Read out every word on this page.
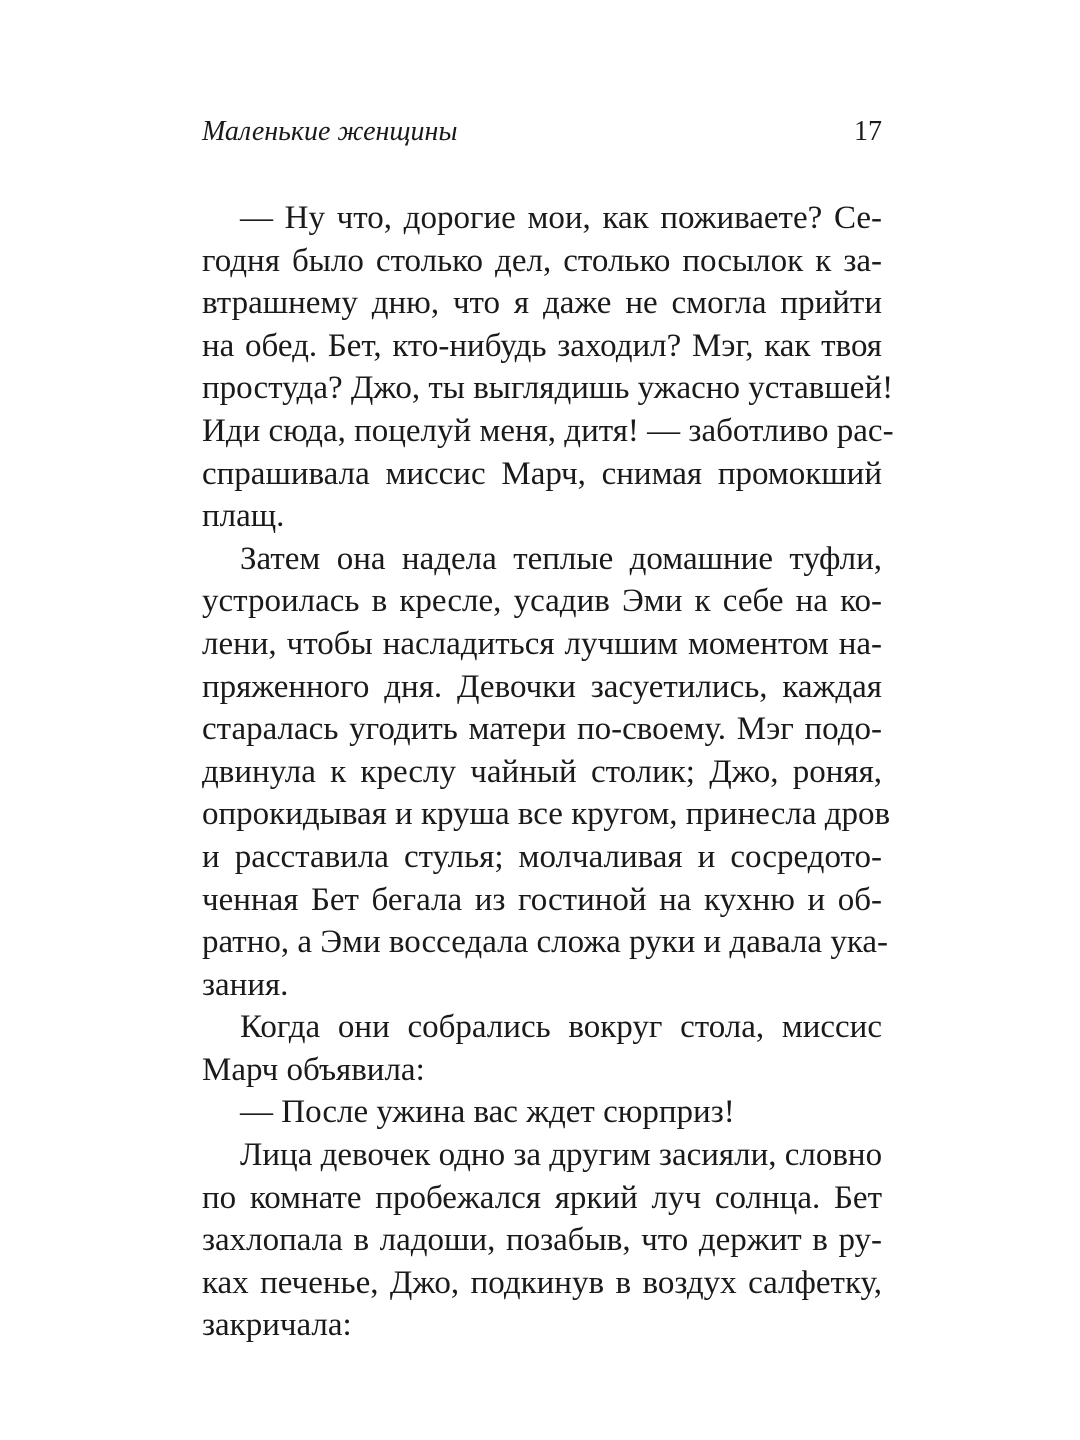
Маленькие женщины	17
— Ну что, дорогие мои, как поживаете? Се-
годня было столько дел, столько посылок к за-
втрашнему дню, что я даже не смогла прийти
на обед. Бет, кто-нибудь заходил? Мэг, как твоя
простуда? Джо, ты выглядишь ужасно уставшей!
Иди сюда, поцелуй меня, дитя! — заботливо рас-
спрашивала миссис Марч, снимая промокший
плащ.
Затем она надела теплые домашние туфли,
устроилась в кресле, усадив Эми к себе на ко-
лени, чтобы насладиться лучшим моментом на-
пряженного дня. Девочки засуетились, каждая
старалась угодить матери по-своему. Мэг подо-
двинула к креслу чайный столик; Джо, роняя,
опрокидывая и круша все кругом, принесла дров
и расставила стулья; молчаливая и сосредото-
ченная Бет бегала из гостиной на кухню и об-
ратно, а Эми восседала сложа руки и давала ука-
зания.
Когда они собрались вокруг стола, миссис
Марч объявила:
— После ужина вас ждет сюрприз!
Лица девочек одно за другим засияли, словно
по комнате пробежался яркий луч солнца. Бет
захлопала в ладоши, позабыв, что держит в ру-
ках печенье, Джо, подкинув в воздух салфетку,
закричала:
